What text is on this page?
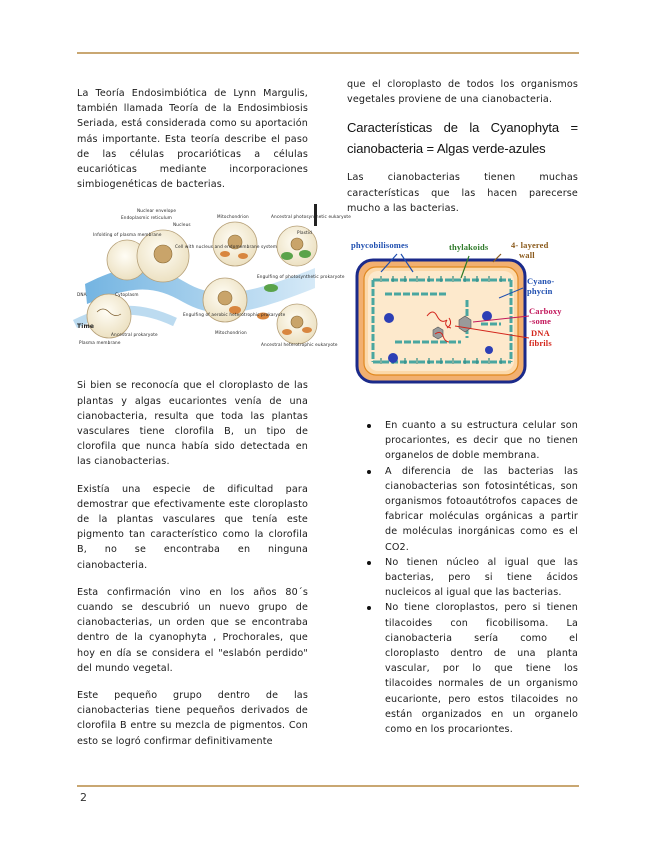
La Teoría Endosimbiótica de Lynn Margulis, también llamada Teoría de la Endosimbiosis Seriada, está considerada como su aportación más importante. Esta teoría describe el paso de las células procarióticas a células eucarióticas mediante incorporaciones simbiogenéticas de bacterias.

Nuclear envelope
Endoplasmic reticulum
Nucleus
Infolding of plasma membrane
Cell with nucleus and endomembrane system
Mitochondrion	Ancestral photosynthetic eukaryote
Plastid
Engulfing of photosynthetic prokaryote
Engulfing of aerobic heterotrophic prokaryote
Mitochondrion
Ancestral heterotrophic eukaryote
DNA	Cytoplasm
Ancestral prokaryote
Time
Plasma membrane

Si bien se reconocía que el cloroplasto de las plantas y algas eucariontes venía de una cianobacteria, resulta que toda las plantas vasculares tiene clorofila B, un tipo de clorofila que nunca había sido detectada en las cianobacterias.

Existía una especie de dificultad para demostrar que efectivamente este cloroplasto de la plantas vasculares que tenía este pigmento tan característico como la clorofila B, no se encontraba en ninguna cianobacteria.

Esta confirmación vino en los años 80´s cuando se descubrió un nuevo grupo de cianobacterias, un orden que se encontraba dentro de la cyanophyta , Prochorales, que hoy en día se considera el "eslabón perdido" del mundo vegetal.

Este pequeño grupo dentro de las cianobacterias tiene pequeños derivados de clorofila B entre su mezcla de pigmentos. Con esto se logró confirmar definitivamente

que el cloroplasto de todos los organismos vegetales proviene de una cianobacteria.

Características de la Cyanophyta = cianobacteria = Algas verde-azules

Las cianobacterias tienen muchas características que las hacen parecerse mucho a las bacterias.

phycobilisomes	thylakoids	4- layered
wall
Cyano-
phycin
Carboxy
-some
DNA
fibrils
En cuanto a su estructura celular son procariontes, es decir que no tienen organelos de doble membrana.
A diferencia de las bacterias las cianobacterias son fotosintéticas, son organismos fotoautótrofos capaces de fabricar moléculas orgánicas a partir de moléculas inorgánicas como es el CO2.
No tienen núcleo al igual que las bacterias, pero si tiene ácidos nucleicos al igual que las bacterias.
No tiene cloroplastos, pero si tienen tilacoides con ficobilisoma. La cianobacteria sería como el cloroplasto dentro de una planta vascular, por lo que tiene los tilacoides normales de un organismo eucarionte, pero estos tilacoides no están organizados en un organelo como en los procariontes.
2
